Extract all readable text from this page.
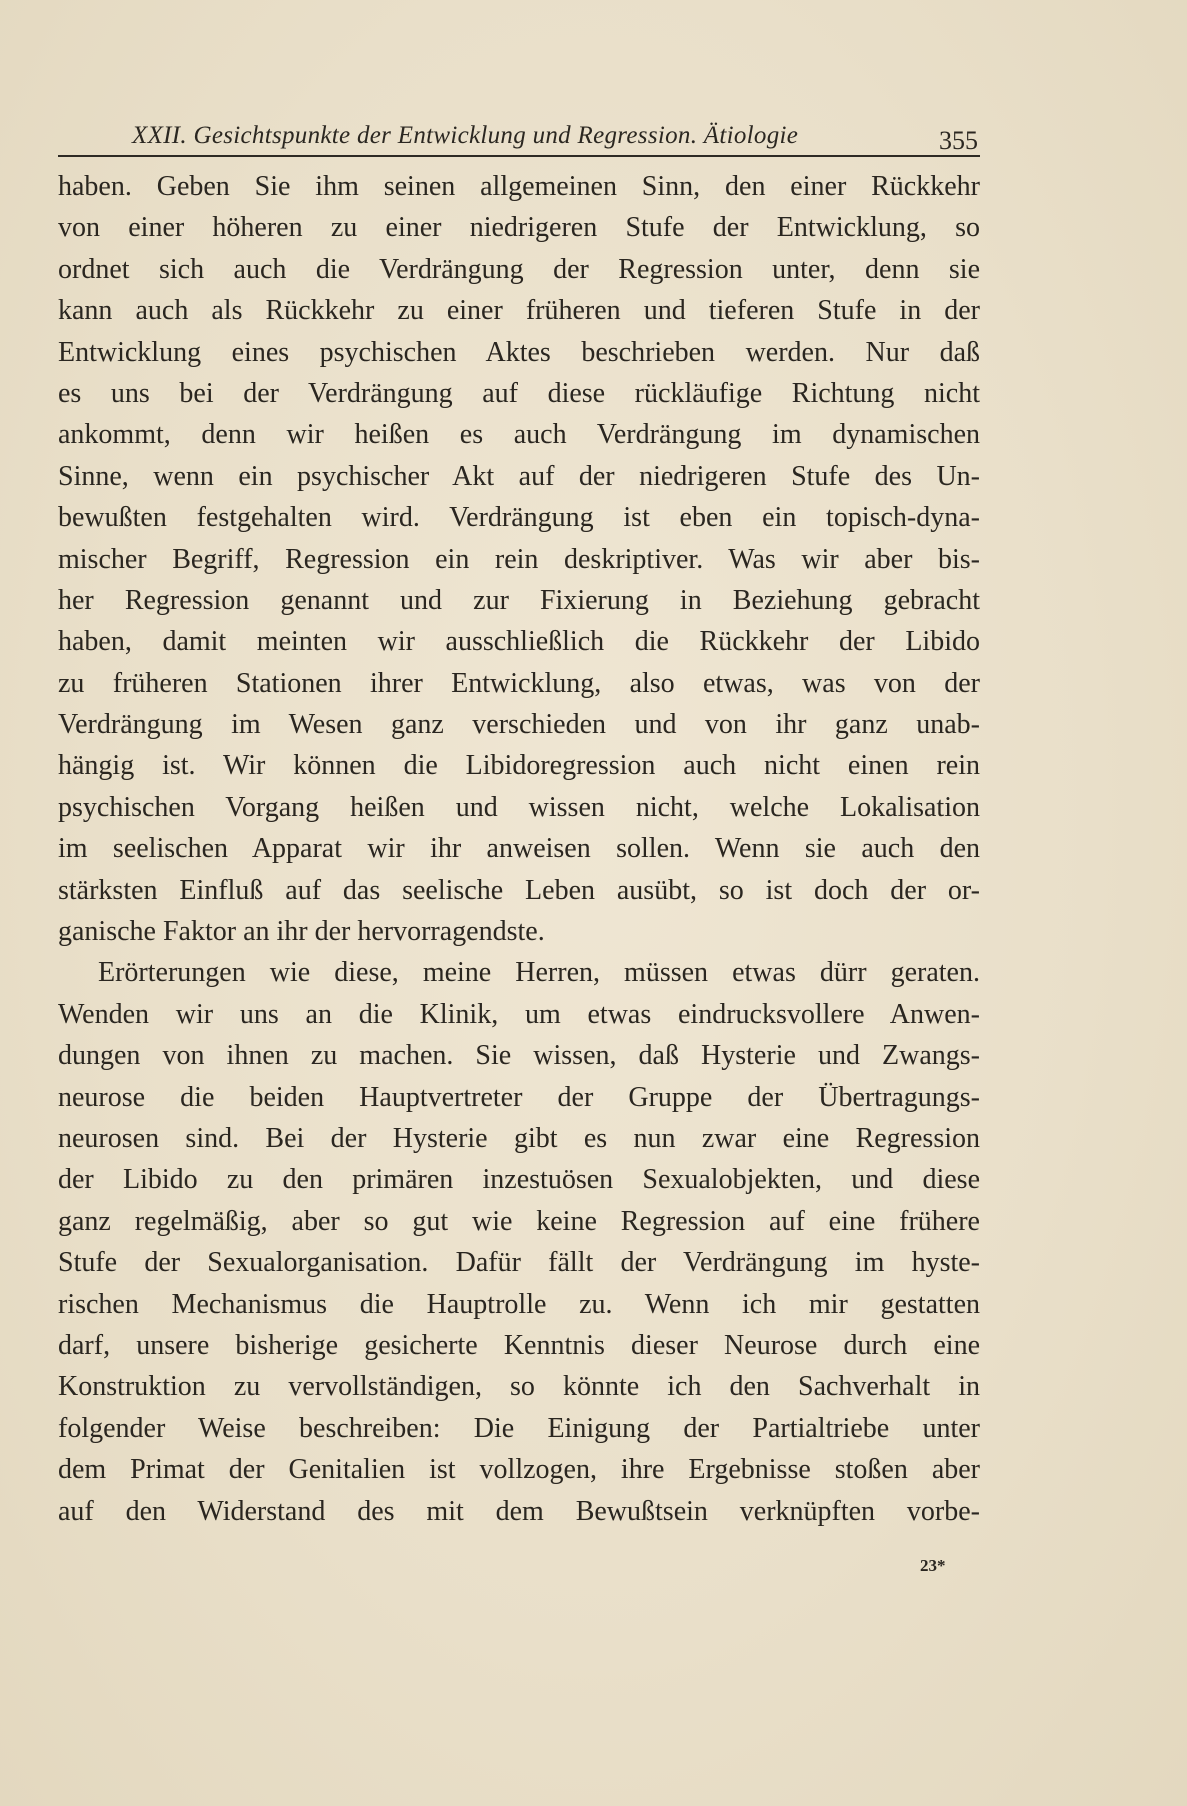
XXII. Gesichtspunkte der Entwicklung und Regression. Ätiologie	355
haben. Geben Sie ihm seinen allgemeinen Sinn, den einer Rückkehr
von einer höheren zu einer niedrigeren Stufe der Entwicklung, so
ordnet sich auch die Verdrängung der Regression unter, denn sie
kann auch als Rückkehr zu einer früheren und tieferen Stufe in der
Entwicklung eines psychischen Aktes beschrieben werden. Nur daß
es uns bei der Verdrängung auf diese rückläufige Richtung nicht
ankommt, denn wir heißen es auch Verdrängung im dynamischen
Sinne, wenn ein psychischer Akt auf der niedrigeren Stufe des Un-
bewußten festgehalten wird. Verdrängung ist eben ein topisch-dyna-
mischer Begriff, Regression ein rein deskriptiver. Was wir aber bis-
her Regression genannt und zur Fixierung in Beziehung gebracht
haben, damit meinten wir ausschließlich die Rückkehr der Libido
zu früheren Stationen ihrer Entwicklung, also etwas, was von der
Verdrängung im Wesen ganz verschieden und von ihr ganz unab-
hängig ist. Wir können die Libidoregression auch nicht einen rein
psychischen Vorgang heißen und wissen nicht, welche Lokalisation
im seelischen Apparat wir ihr anweisen sollen. Wenn sie auch den
stärksten Einfluß auf das seelische Leben ausübt, so ist doch der or-
ganische Faktor an ihr der hervorragendste.
Erörterungen wie diese, meine Herren, müssen etwas dürr geraten.
Wenden wir uns an die Klinik, um etwas eindrucksvollere Anwen-
dungen von ihnen zu machen. Sie wissen, daß Hysterie und Zwangs-
neurose die beiden Hauptvertreter der Gruppe der Übertragungs-
neurosen sind. Bei der Hysterie gibt es nun zwar eine Regression
der Libido zu den primären inzestuösen Sexualobjekten, und diese
ganz regelmäßig, aber so gut wie keine Regression auf eine frühere
Stufe der Sexualorganisation. Dafür fällt der Verdrängung im hyste-
rischen Mechanismus die Hauptrolle zu. Wenn ich mir gestatten
darf, unsere bisherige gesicherte Kenntnis dieser Neurose durch eine
Konstruktion zu vervollständigen, so könnte ich den Sachverhalt in
folgender Weise beschreiben: Die Einigung der Partialtriebe unter
dem Primat der Genitalien ist vollzogen, ihre Ergebnisse stoßen aber
auf den Widerstand des mit dem Bewußtsein verknüpften vorbe-
23*
